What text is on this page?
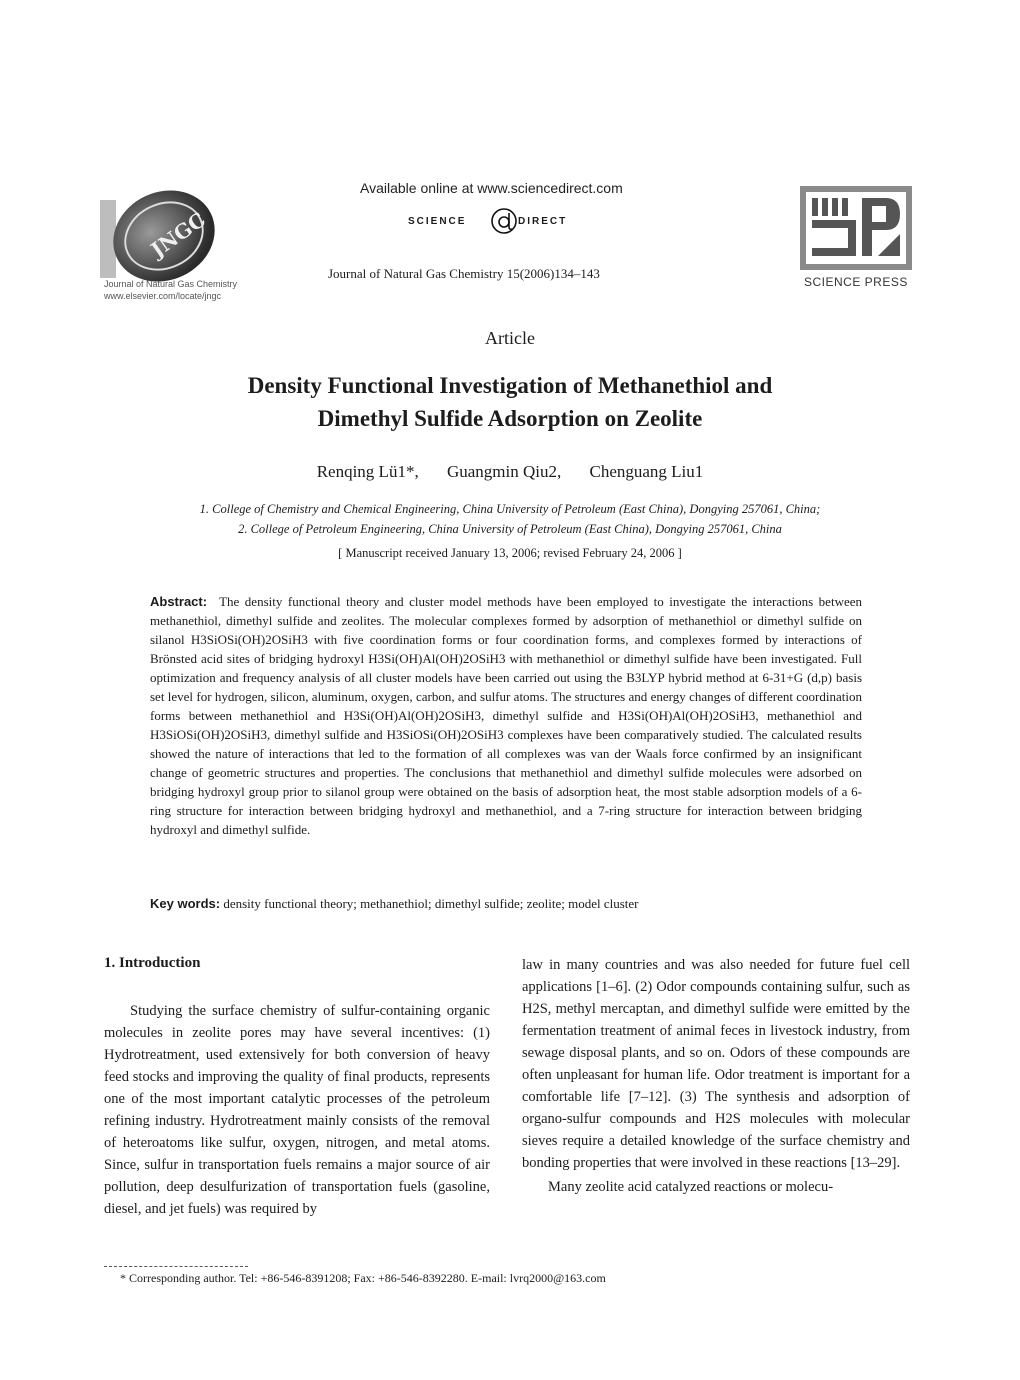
JNGC
Journal of Natural Gas Chemistry
www.elsevier.com/locate/jngc
Available online at www.sciencedirect.com
SCIENCE	DIRECT
Journal of Natural Gas Chemistry 15(2006)134–143
SCIENCE PRESS
Article
Density Functional Investigation of Methanethiol and
Dimethyl Sulfide Adsorption on Zeolite
Renqing Lü1*, Guangmin Qiu2, Chenguang Liu1
1. College of Chemistry and Chemical Engineering, China University of Petroleum (East China), Dongying 257061, China;
2. College of Petroleum Engineering, China University of Petroleum (East China), Dongying 257061, China
[ Manuscript received January 13, 2006; revised February 24, 2006 ]
Abstract: The density functional theory and cluster model methods have been employed to investigate the interactions between methanethiol, dimethyl sulfide and zeolites. The molecular complexes formed by adsorption of methanethiol or dimethyl sulfide on silanol H3SiOSi(OH)2OSiH3 with five coordination forms or four coordination forms, and complexes formed by interactions of Brönsted acid sites of bridging hydroxyl H3Si(OH)Al(OH)2OSiH3 with methanethiol or dimethyl sulfide have been investigated. Full optimization and frequency analysis of all cluster models have been carried out using the B3LYP hybrid method at 6-31+G (d,p) basis set level for hydrogen, silicon, aluminum, oxygen, carbon, and sulfur atoms. The structures and energy changes of different coordination forms between methanethiol and H3Si(OH)Al(OH)2OSiH3, dimethyl sulfide and H3Si(OH)Al(OH)2OSiH3, methanethiol and H3SiOSi(OH)2OSiH3, dimethyl sulfide and H3SiOSi(OH)2OSiH3 complexes have been comparatively studied. The calculated results showed the nature of interactions that led to the formation of all complexes was van der Waals force confirmed by an insignificant change of geometric structures and properties. The conclusions that methanethiol and dimethyl sulfide molecules were adsorbed on bridging hydroxyl group prior to silanol group were obtained on the basis of adsorption heat, the most stable adsorption models of a 6-ring structure for interaction between bridging hydroxyl and methanethiol, and a 7-ring structure for interaction between bridging hydroxyl and dimethyl sulfide.
Key words: density functional theory; methanethiol; dimethyl sulfide; zeolite; model cluster
1. Introduction

Studying the surface chemistry of sulfur-containing organic molecules in zeolite pores may have several incentives: (1) Hydrotreatment, used extensively for both conversion of heavy feed stocks and improving the quality of final products, represents one of the most important catalytic processes of the petroleum refining industry. Hydrotreatment mainly consists of the removal of heteroatoms like sulfur, oxygen, nitrogen, and metal atoms. Since, sulfur in transportation fuels remains a major source of air pollution, deep desulfurization of transportation fuels (gasoline, diesel, and jet fuels) was required by

law in many countries and was also needed for future fuel cell applications [1–6]. (2) Odor compounds containing sulfur, such as H2S, methyl mercaptan, and dimethyl sulfide were emitted by the fermentation treatment of animal feces in livestock industry, from sewage disposal plants, and so on. Odors of these compounds are often unpleasant for human life. Odor treatment is important for a comfortable life [7–12]. (3) The synthesis and adsorption of organo-sulfur compounds and H2S molecules with molecular sieves require a detailed knowledge of the surface chemistry and bonding properties that were involved in these reactions [13–29].

Many zeolite acid catalyzed reactions or molecu-

* Corresponding author. Tel: +86-546-8391208; Fax: +86-546-8392280. E-mail: lvrq2000@163.com
